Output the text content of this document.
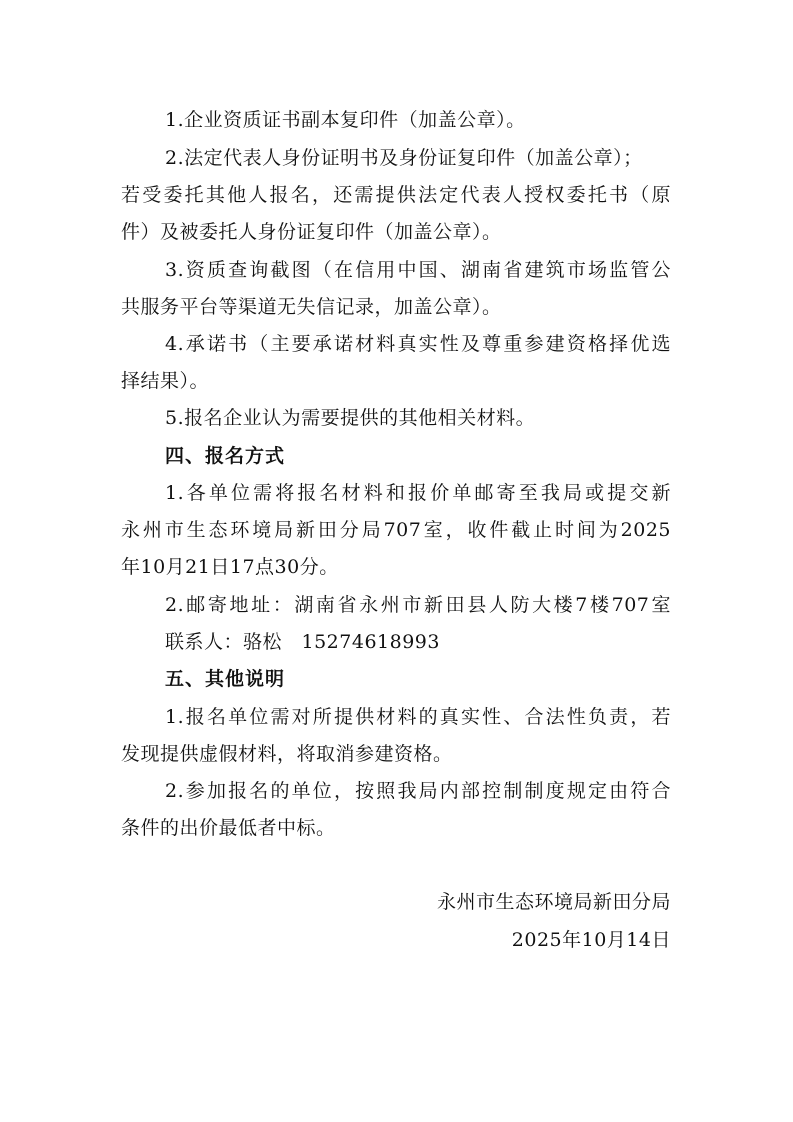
1.企业资质证书副本复印件（加盖公章）。
2.法定代表人身份证明书及身份证复印件（加盖公章）；
若受委托其他人报名，还需提供法定代表人授权委托书（原
件）及被委托人身份证复印件（加盖公章）。
3.资质查询截图（在信用中国、湖南省建筑市场监管公
共服务平台等渠道无失信记录，加盖公章）。
4.承诺书（主要承诺材料真实性及尊重参建资格择优选
择结果）。
5.报名企业认为需要提供的其他相关材料。
四、报名方式
1.各单位需将报名材料和报价单邮寄至我局或提交新
永州市生态环境局新田分局707室，收件截止时间为2025
年10月21日17点30分。
2.邮寄地址：湖南省永州市新田县人防大楼7楼707室
联系人：骆松　15274618993
五、其他说明
1.报名单位需对所提供材料的真实性、合法性负责，若
发现提供虚假材料，将取消参建资格。
2.参加报名的单位，按照我局内部控制制度规定由符合
条件的出价最低者中标。
永州市生态环境局新田分局
2025年10月14日
